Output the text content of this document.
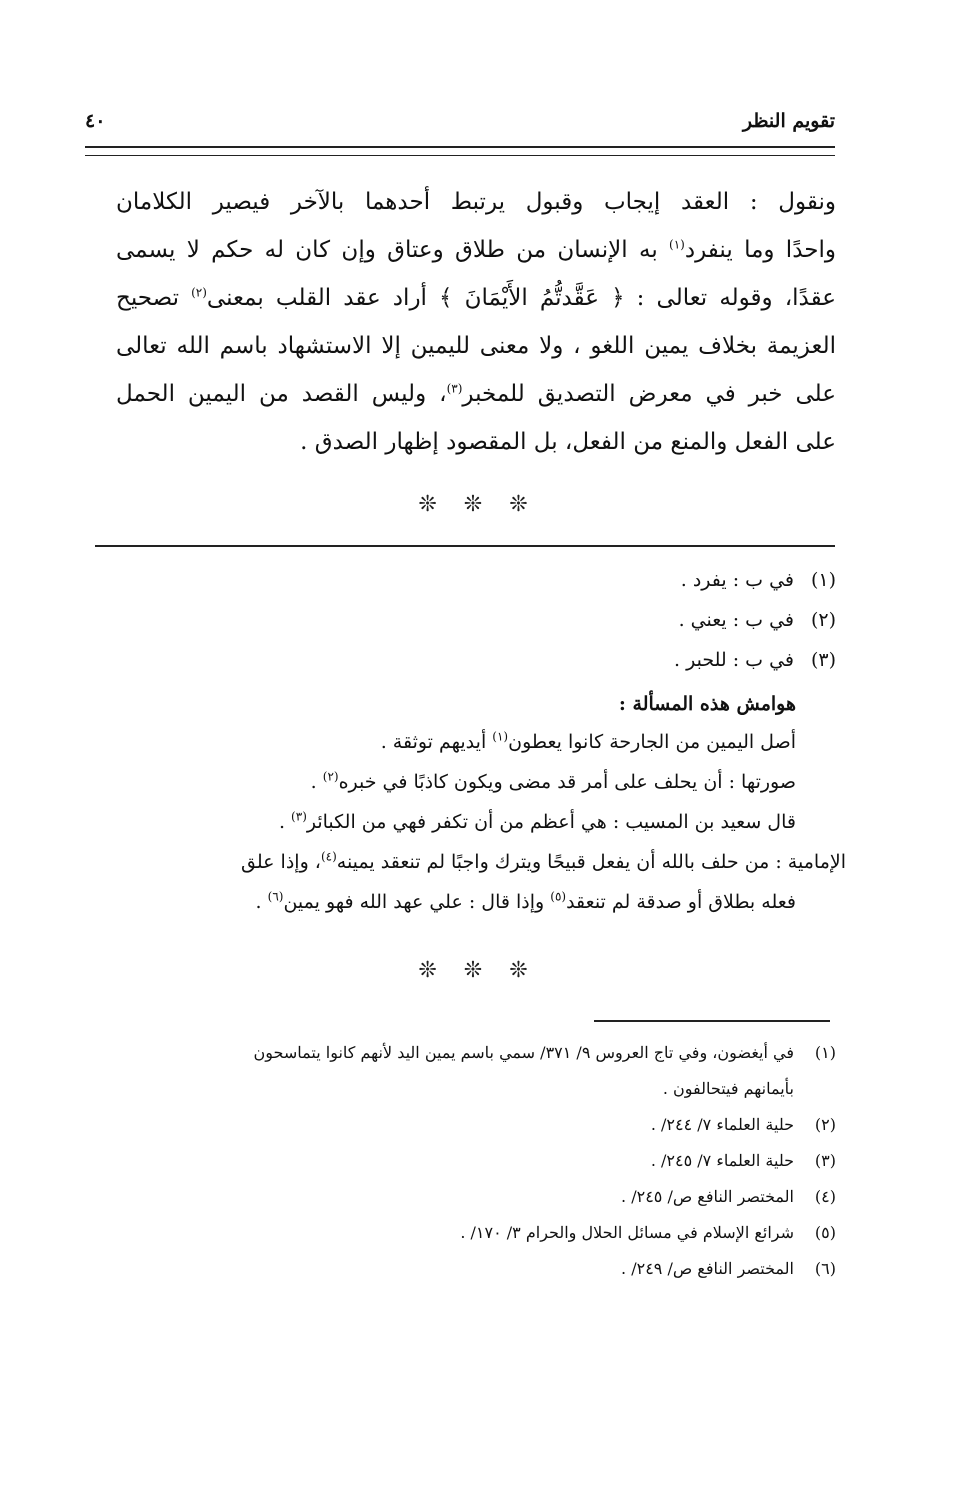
تقويم النظر
٤٠
ونقول : العقد إيجاب وقبول يرتبط أحدهما بالآخر فيصير الكلامان
واحدًا وما ينفرد$^{(١)}$ به الإنسان من طلاق وعتاق وإن كان له حكم لا يسمى
عقدًا، وقوله تعالى : ﴿ عَقَّدتُّمُ الأَيْمَانَ ﴾ أراد عقد القلب بمعنى$^{(٢)}$ تصحيح
العزيمة بخلاف يمين اللغو ، ولا معنى لليمين إلا الاستشهاد باسم الله تعالى
على خبر في معرض التصديق للمخبر$^{(٣)}$، وليس القصد من اليمين الحمل
على الفعل والمنع من الفعل، بل المقصود إظهار الصدق .
❊ ❊ ❊
(١)في ب : يفرد .
(٢)في ب : يعني .
(٣)في ب : للحبر .
هوامش هذه المسألة :
أصل اليمين من الجارحة كانوا يعطون$^{(١)}$ أيديهم توثقة .
صورتها : أن يحلف على أمر قد مضى ويكون كاذبًا في خبره$^{(٢)}$ .
قال سعيد بن المسيب : هي أعظم من أن تكفر فهي من الكبائر$^{(٣)}$ .
الإمامية : من حلف بالله أن يفعل قبيحًا ويترك واجبًا لم تنعقد يمينه$^{(٤)}$، وإذا علق
فعله بطلاق أو صدقة لم تنعقد$^{(٥)}$ وإذا قال : علي عهد الله فهو يمين$^{(٦)}$ .
❊ ❊ ❊
(١)في أيغضون، وفي تاج العروس ٩/ ٣٧١/ سمي باسم يمين اليد لأنهم كانوا يتماسحون
بأيمانهم فيتحالفون .
(٢)حلية العلماء ٧/ ٢٤٤/ .
(٣)حلية العلماء ٧/ ٢٤٥/ .
(٤)المختصر النافع ص/ ٢٤٥/ .
(٥)شرائع الإسلام في مسائل الحلال والحرام ٣/ ١٧٠/ .
(٦)المختصر النافع ص/ ٢٤٩/ .
